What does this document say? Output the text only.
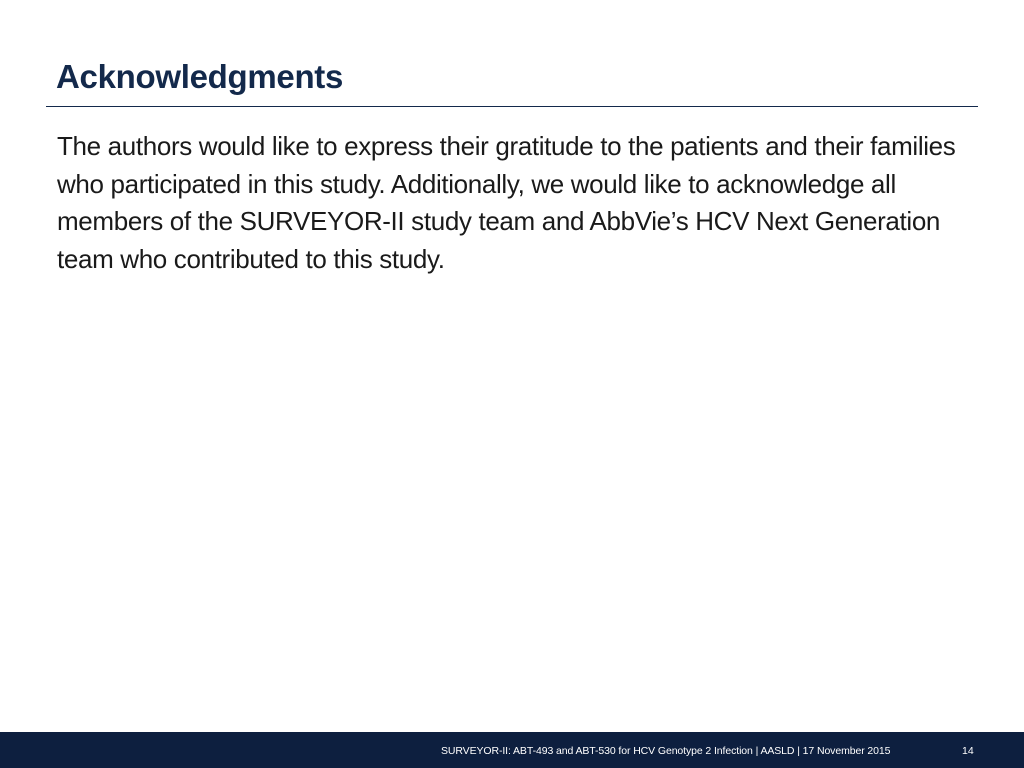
Acknowledgments

The authors would like to express their gratitude to the patients and their families who participated in this study. Additionally, we would like to acknowledge all members of the SURVEYOR-II study team and AbbVie’s HCV Next Generation team who contributed to this study.

SURVEYOR-II: ABT-493 and ABT-530 for HCV Genotype 2 Infection | AASLD | 17 November 2015	14
